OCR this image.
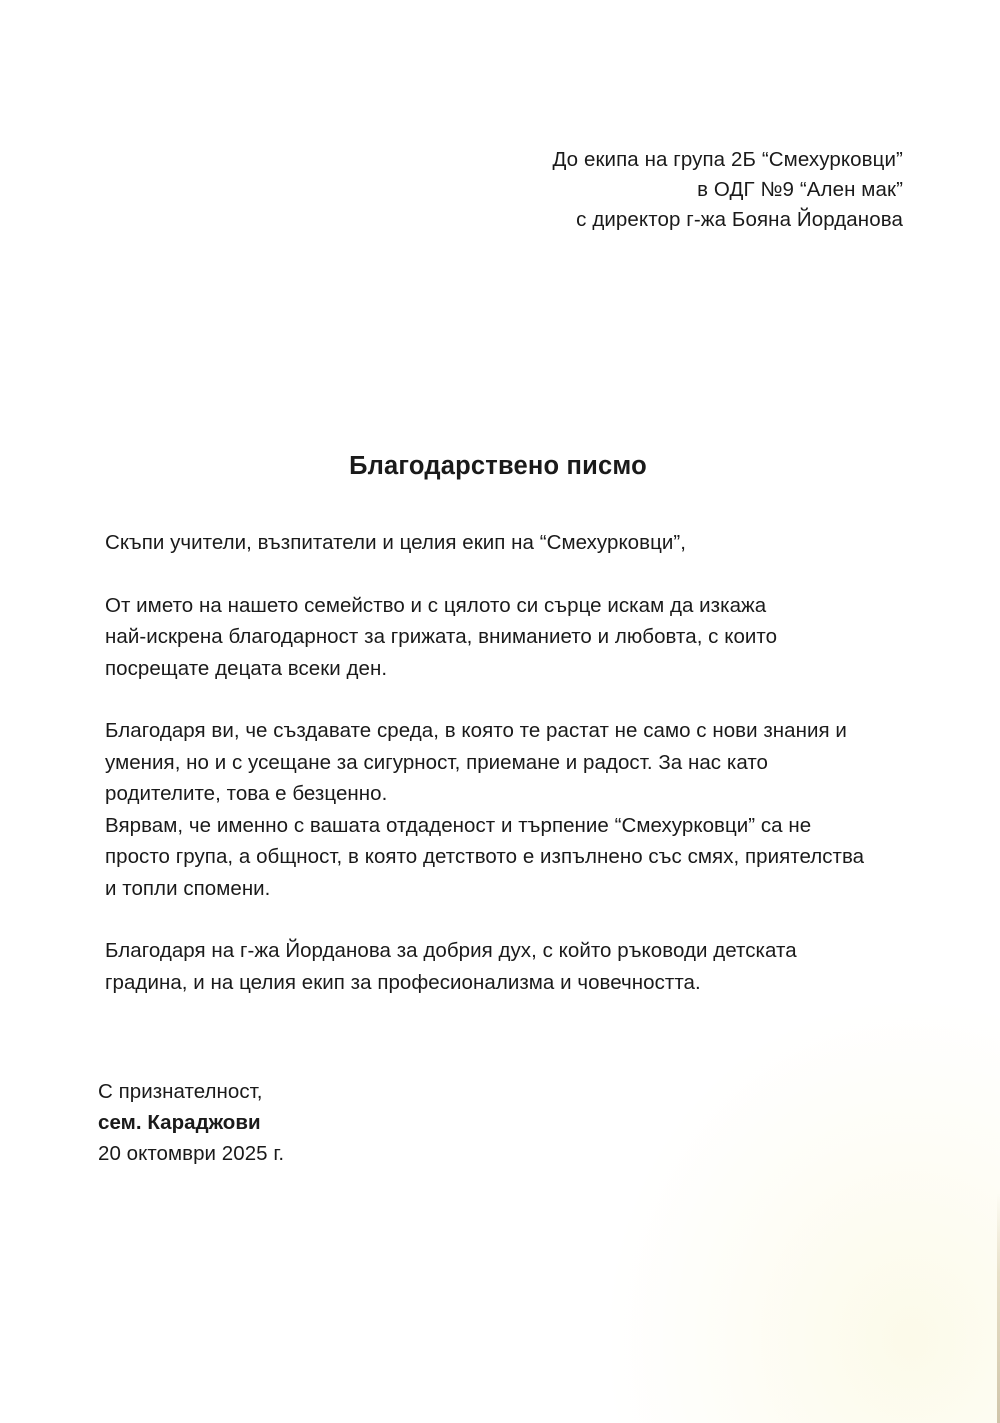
До екипа на група 2Б “Смехурковци”
в ОДГ №9 “Ален мак”
с директор г-жа Бояна Йорданова
Благодарствено писмо

Скъпи учители, възпитатели и целия екип на “Смехурковци”,

От името на нашето семейство и с цялото си сърце искам да изкажа
най-искрена благодарност за грижата, вниманието и любовта, с които
посрещате децата всеки ден.

Благодаря ви, че създавате среда, в която те растат не само с нови знания и
умения, но и с усещане за сигурност, приемане и радост. За нас като
родителите, това е безценно.
Вярвам, че именно с вашата отдаденост и търпение “Смехурковци” са не
просто група, а общност, в която детството е изпълнено със смях, приятелства
и топли спомени.

Благодаря на г-жа Йорданова за добрия дух, с който ръководи детската
градина, и на целия екип за професионализма и човечността.

С признателност,
сем. Караджови
20 октомври 2025 г.
